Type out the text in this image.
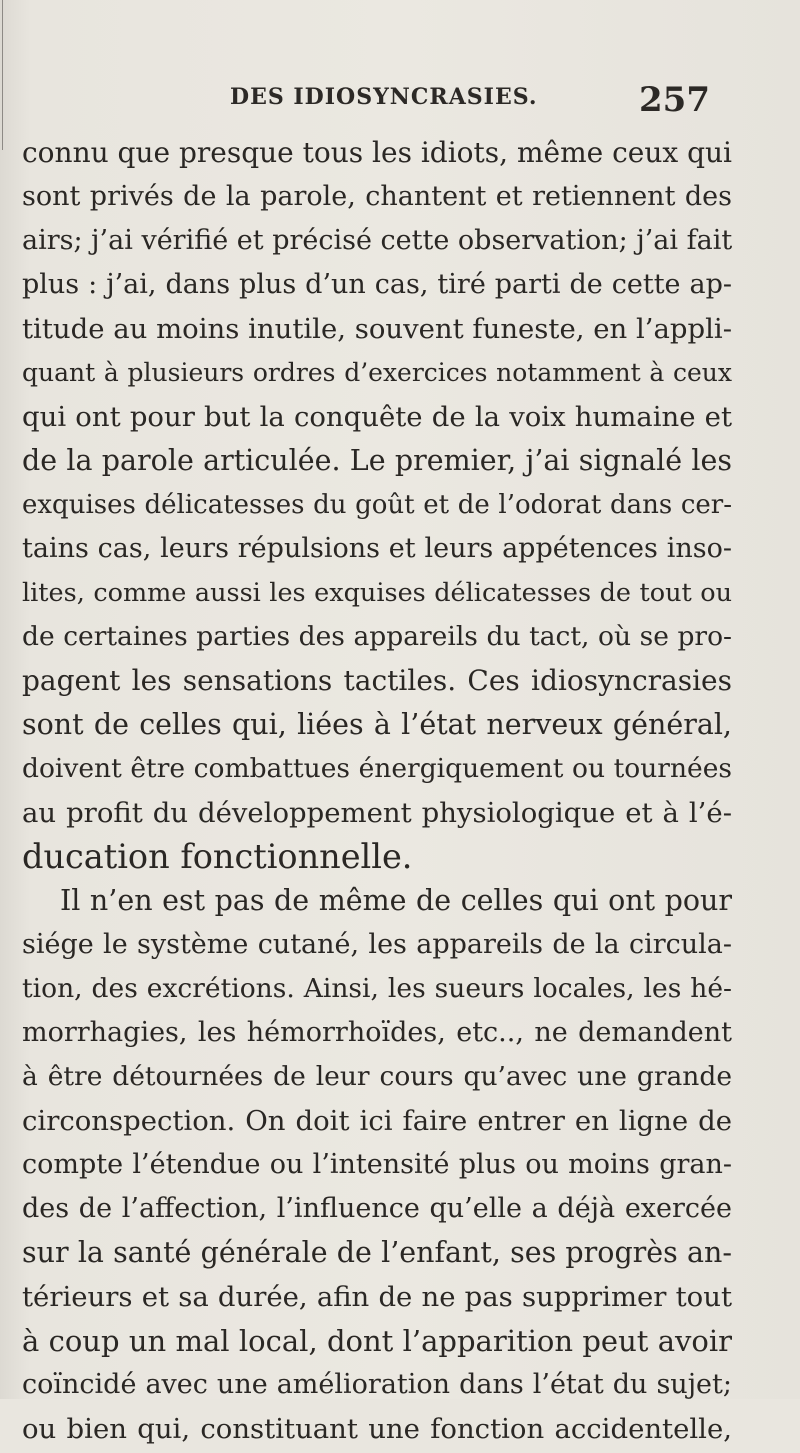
DES IDIOSYNCRASIES.	257
connu que presque tous les idiots, même ceux qui
sont privés de la parole, chantent et retiennent des
airs; j’ai vérifié et précisé cette observation; j’ai fait
plus : j’ai, dans plus d’un cas, tiré parti de cette ap-
titude au moins inutile, souvent funeste, en l’appli-
quant à plusieurs ordres d’exercices notamment à ceux
qui ont pour but la conquête de la voix humaine et
de la parole articulée. Le premier, j’ai signalé les
exquises délicatesses du goût et de l’odorat dans cer-
tains cas, leurs répulsions et leurs appétences inso-
lites, comme aussi les exquises délicatesses de tout ou
de certaines parties des appareils du tact, où se pro-
pagent les sensations tactiles. Ces idiosyncrasies
sont de celles qui, liées à l’état nerveux général,
doivent être combattues énergiquement ou tournées
au profit du développement physiologique et à l’é-
ducation fonctionnelle.
Il n’en est pas de même de celles qui ont pour
siége le système cutané, les appareils de la circula-
tion, des excrétions. Ainsi, les sueurs locales, les hé-
morrhagies, les hémorrhoïdes, etc.., ne demandent
à être détournées de leur cours qu’avec une grande
circonspection. On doit ici faire entrer en ligne de
compte l’étendue ou l’intensité plus ou moins gran-
des de l’affection, l’influence qu’elle a déjà exercée
sur la santé générale de l’enfant, ses progrès an-
térieurs et sa durée, afin de ne pas supprimer tout
à coup un mal local, dont l’apparition peut avoir
coïncidé avec une amélioration dans l’état du sujet;
ou bien qui, constituant une fonction accidentelle,
